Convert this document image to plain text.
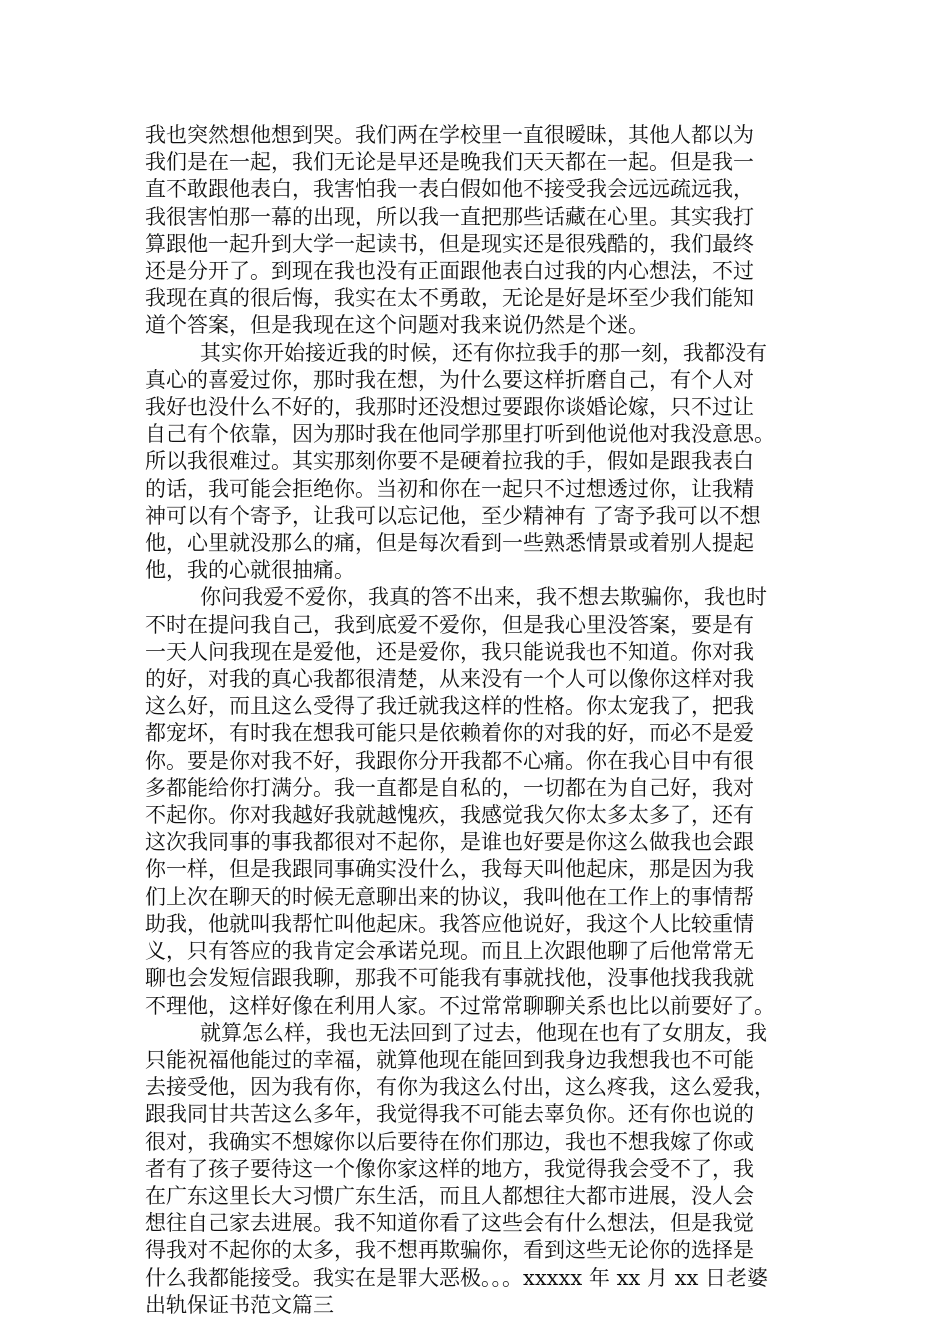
我也突然想他想到哭。我们两在学校里一直很暧昧，其他人都以为
我们是在一起，我们无论是早还是晚我们天天都在一起。但是我一
直不敢跟他表白，我害怕我一表白假如他不接受我会远远疏远我，
我很害怕那一幕的出现，所以我一直把那些话藏在心里。其实我打
算跟他一起升到大学一起读书，但是现实还是很残酷的，我们最终
还是分开了。到现在我也没有正面跟他表白过我的内心想法，不过
我现在真的很后悔，我实在太不勇敢，无论是好是坏至少我们能知
道个答案，但是我现在这个问题对我来说仍然是个迷。
其实你开始接近我的时候，还有你拉我手的那一刻，我都没有
真心的喜爱过你，那时我在想，为什么要这样折磨自己，有个人对
我好也没什么不好的，我那时还没想过要跟你谈婚论嫁，只不过让
自己有个依靠，因为那时我在他同学那里打听到他说他对我没意思。
所以我很难过。其实那刻你要不是硬着拉我的手，假如是跟我表白
的话，我可能会拒绝你。当初和你在一起只不过想透过你，让我精
神可以有个寄予，让我可以忘记他，至少精神有 了寄予我可以不想
他，心里就没那么的痛，但是每次看到一些熟悉情景或着别人提起
他，我的心就很抽痛。
你问我爱不爱你，我真的答不出来，我不想去欺骗你，我也时
不时在提问我自己，我到底爱不爱你，但是我心里没答案，要是有
一天人问我现在是爱他，还是爱你，我只能说我也不知道。你对我
的好，对我的真心我都很清楚，从来没有一个人可以像你这样对我
这么好，而且这么受得了我迁就我这样的性格。你太宠我了，把我
都宠坏，有时我在想我可能只是依赖着你的对我的好，而必不是爱
你。要是你对我不好，我跟你分开我都不心痛。你在我心目中有很
多都能给你打满分。我一直都是自私的，一切都在为自己好，我对
不起你。你对我越好我就越愧疚，我感觉我欠你太多太多了，还有
这次我同事的事我都很对不起你，是谁也好要是你这么做我也会跟
你一样，但是我跟同事确实没什么，我每天叫他起床，那是因为我
们上次在聊天的时候无意聊出来的协议，我叫他在工作上的事情帮
助我，他就叫我帮忙叫他起床。我答应他说好，我这个人比较重情
义，只有答应的我肯定会承诺兑现。而且上次跟他聊了后他常常无
聊也会发短信跟我聊，那我不可能我有事就找他，没事他找我我就
不理他，这样好像在利用人家。不过常常聊聊关系也比以前要好了。
就算怎么样，我也无法回到了过去，他现在也有了女朋友，我
只能祝福他能过的幸福，就算他现在能回到我身边我想我也不可能
去接受他，因为我有你，有你为我这么付出，这么疼我，这么爱我，
跟我同甘共苦这么多年，我觉得我不可能去辜负你。还有你也说的
很对，我确实不想嫁你以后要待在你们那边，我也不想我嫁了你或
者有了孩子要待这一个像你家这样的地方，我觉得我会受不了，我
在广东这里长大习惯广东生活，而且人都想往大都市进展，没人会
想往自己家去进展。我不知道你看了这些会有什么想法，但是我觉
得我对不起你的太多，我不想再欺骗你，看到这些无论你的选择是
什么我都能接受。我实在是罪大恶极。。。xxxxx 年 xx 月 xx 日老婆
出轨保证书范文篇三
